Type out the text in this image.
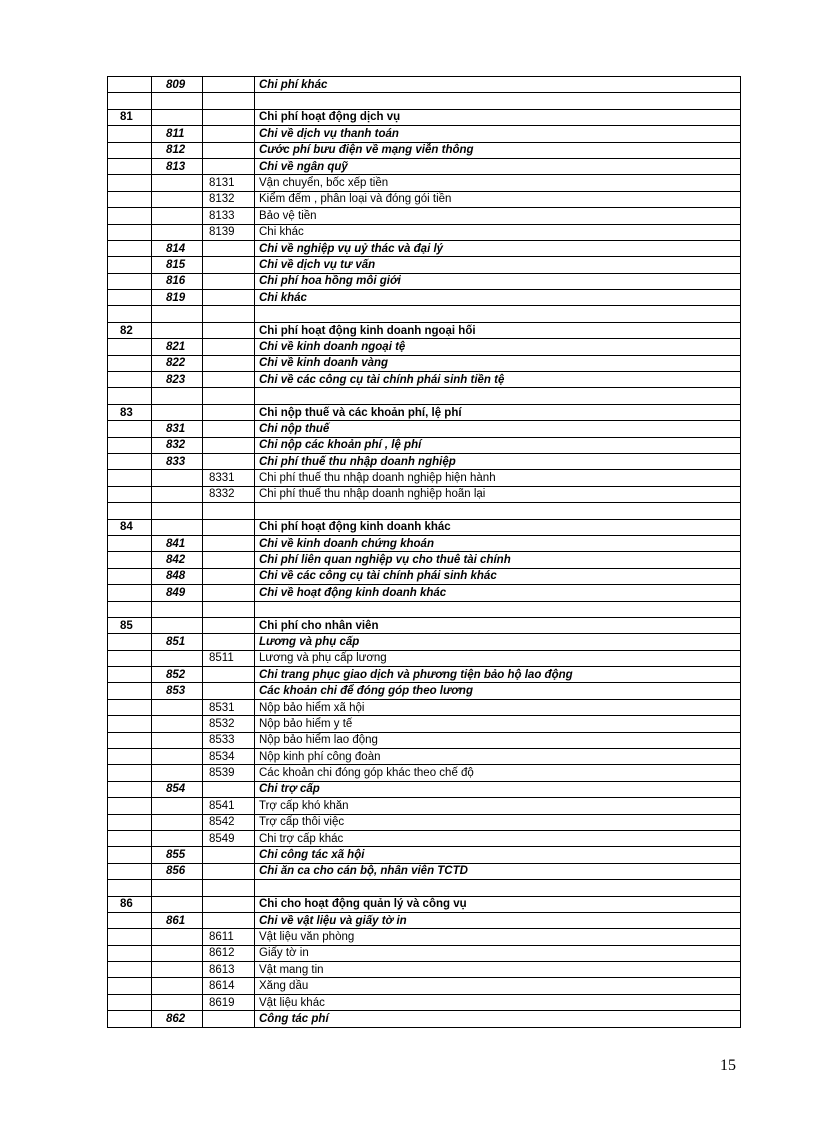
	809		Chi phí khác

81			Chi phí hoạt động dịch vụ
	811		Chi về dịch vụ thanh toán
	812		Cước phí bưu điện về mạng viễn thông
	813		Chi về ngân quỹ
		8131	Vận chuyển, bốc xếp tiền
		8132	Kiểm đếm , phân loại và đóng gói tiền
		8133	Bảo vệ tiền
		8139	Chi khác
	814		Chi về nghiệp vụ uỷ thác và đại lý
	815		Chi về dịch vụ tư vấn
	816		Chi phí hoa hồng môi giới
	819		Chi khác

82			Chi phí hoạt động kinh doanh ngoại hối
	821		Chi về kinh doanh ngoại tệ
	822		Chi về kinh doanh vàng
	823		Chi về các công cụ tài chính phái sinh tiền tệ

83			Chi nộp thuế và các khoản phí, lệ phí
	831		Chi nộp thuế
	832		Chi nộp các khoản phí , lệ phí
	833		Chi phí thuế thu nhập doanh nghiệp
		8331	Chi phí thuế thu nhập doanh nghiệp hiện hành
		8332	Chi phí thuế thu nhập doanh nghiệp hoãn lại

84			Chi phí hoạt động kinh doanh khác
	841		Chi về kinh doanh chứng khoán
	842		Chi phí liên quan nghiệp vụ cho thuê tài chính
	848		Chi về các công cụ tài chính phái sinh khác
	849		Chi về hoạt động kinh doanh khác

85			Chi phí cho nhân viên
	851		Lương và phụ cấp
		8511	Lương và phụ cấp lương
	852		Chi trang phục giao dịch và phương tiện bảo hộ lao động
	853		Các khoản chi để đóng góp theo lương
		8531	Nộp bảo hiểm xã hội
		8532	Nộp bảo hiểm y tế
		8533	Nộp bảo hiểm lao động
		8534	Nộp kinh phí công đoàn
		8539	Các khoản chi đóng góp khác theo chế độ
	854		Chi trợ cấp
		8541	Trợ cấp khó khăn
		8542	Trợ cấp thôi việc
		8549	Chi trợ cấp khác
	855		Chi công tác xã hội
	856		Chi ăn ca cho cán bộ, nhân viên TCTD

86			Chi cho hoạt động quản lý và công vụ
	861		Chi về vật liệu và giấy tờ in
		8611	Vật liệu văn phòng
		8612	Giấy tờ in
		8613	Vật mang tin
		8614	Xăng dầu
		8619	Vật liệu khác
	862		Công tác phí
15
